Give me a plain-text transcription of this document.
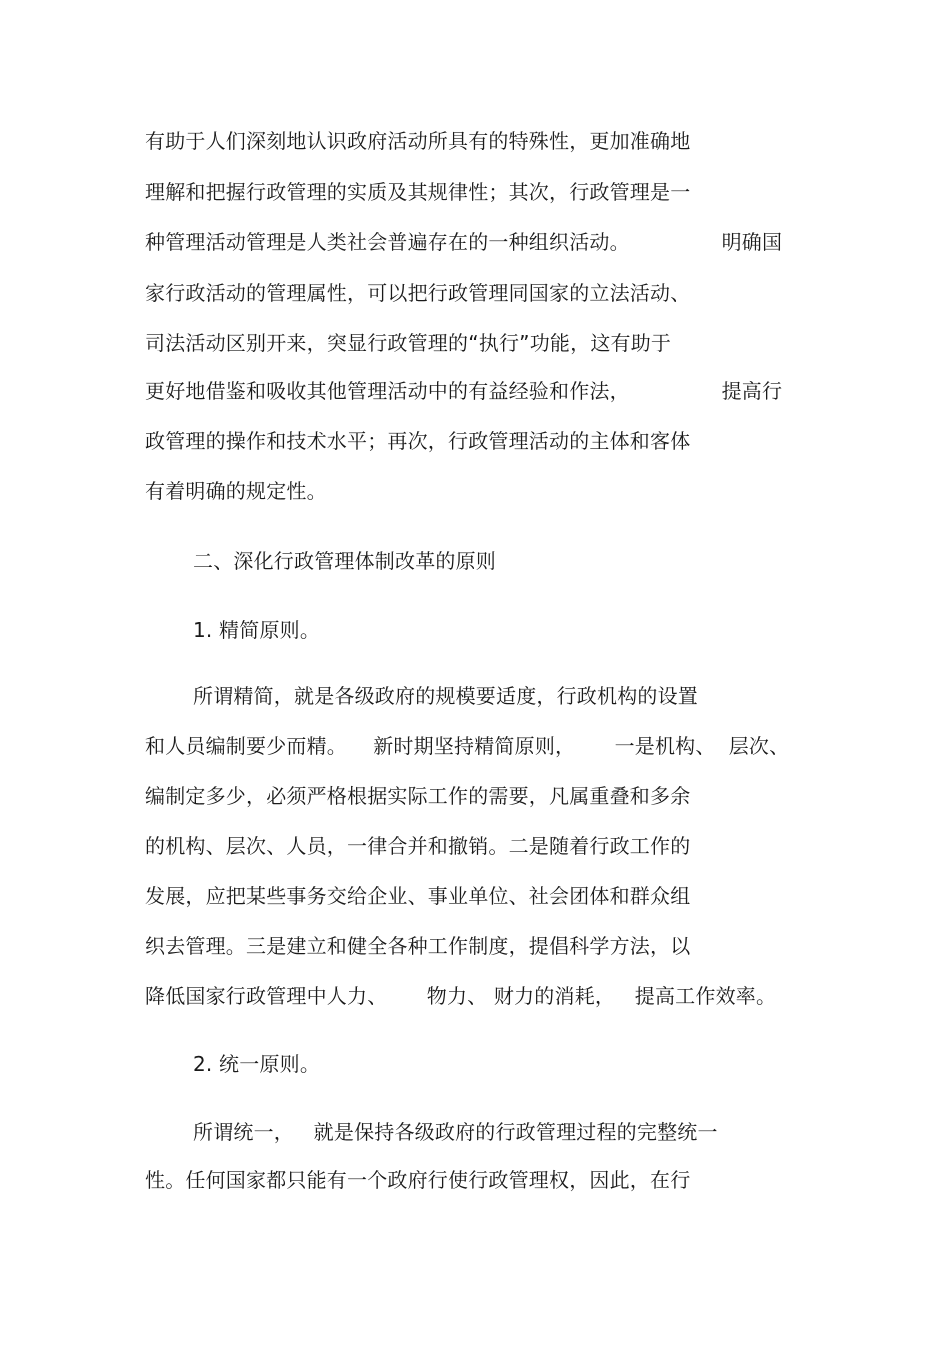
有助于人们深刻地认识政府活动所具有的特殊性，更加准确地
理解和把握行政管理的实质及其规律性；其次，行政管理是一
种管理活动管理是人类社会普遍存在的一种组织活动。              明确国
家行政活动的管理属性，可以把行政管理同国家的立法活动、
司法活动区别开来，突显行政管理的“执行”功能，这有助于
更好地借鉴和吸收其他管理活动中的有益经验和作法，              提高行
政管理的操作和技术水平；再次，行政管理活动的主体和客体
有着明确的规定性。
二、深化行政管理体制改革的原则
1. 精简原则。
所谓精简，就是各级政府的规模要适度，行政机构的设置
和人员编制要少而精。    新时期坚持精简原则，      一是机构、  层次、
编制定多少，必须严格根据实际工作的需要，凡属重叠和多余
的机构、层次、人员，一律合并和撤销。二是随着行政工作的
发展，应把某些事务交给企业、事业单位、社会团体和群众组
织去管理。三是建立和健全各种工作制度，提倡科学方法，以
降低国家行政管理中人力、      物力、 财力的消耗，   提高工作效率。
2. 统一原则。
所谓统一，   就是保持各级政府的行政管理过程的完整统一
性。任何国家都只能有一个政府行使行政管理权，因此，在行
